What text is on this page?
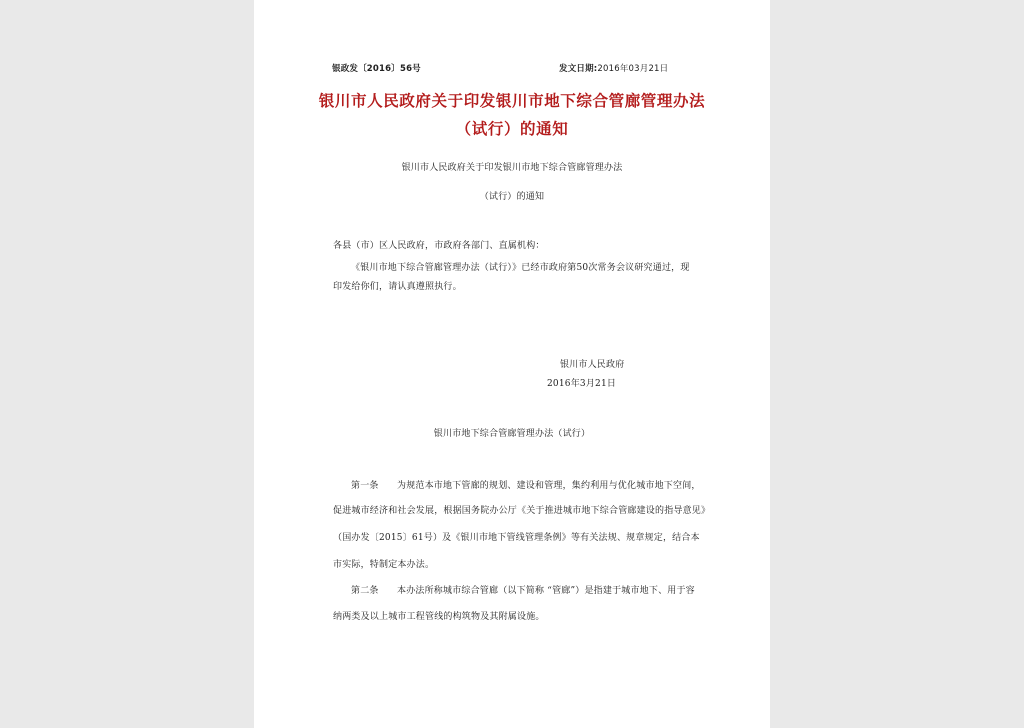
银政发〔2016〕56号	发文日期:2016年03月21日

银川市人民政府关于印发银川市地下综合管廊管理办法

（试行）的通知

银川市人民政府关于印发银川市地下综合管廊管理办法

（试行）的通知

各县（市）区人民政府，市政府各部门、直属机构：

《银川市地下综合管廊管理办法（试行）》已经市政府第50次常务会议研究通过，现

印发给你们，请认真遵照执行。

银川市人民政府

2016年3月21日

银川市地下综合管廊管理办法（试行）

第一条　　为规范本市地下管廊的规划、建设和管理，集约利用与优化城市地下空间，

促进城市经济和社会发展，根据国务院办公厅《关于推进城市地下综合管廊建设的指导意见》

（国办发〔2015〕61号）及《银川市地下管线管理条例》等有关法规、规章规定，结合本

市实际，特制定本办法。

第二条　　本办法所称城市综合管廊（以下简称 “管廊”）是指建于城市地下、用于容

纳两类及以上城市工程管线的构筑物及其附属设施。
